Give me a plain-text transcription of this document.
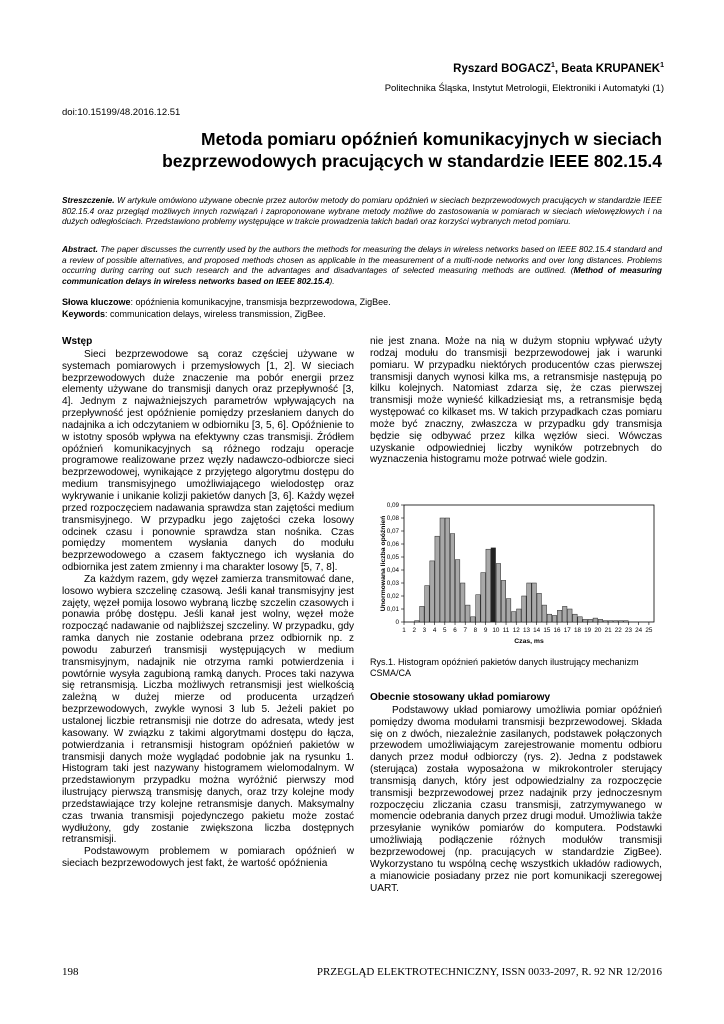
Ryszard BOGACZ$^1$, Beata KRUPANEK$^1$
Politechnika Śląska, Instytut Metrologii, Elektroniki i Automatyki (1)
doi:10.15199/48.2016.12.51
Metoda pomiaru opóźnień komunikacyjnych w sieciach
bezprzewodowych pracujących w standardzie IEEE 802.15.4
Streszczenie. W artykule omówiono używane obecnie przez autorów metody do pomiaru opóźnień w sieciach bezprzewodowych pracujących w standardzie IEEE 802.15.4 oraz przegląd możliwych innych rozwiązań i zaproponowane wybrane metody możliwe do zastosowania w pomiarach w sieciach wielowęzłowych i na dużych odległościach. Przedstawiono problemy występujące w trakcie prowadzenia takich badań oraz korzyści wybranych metod pomiaru.
Abstract. The paper discusses the currently used by the authors the methods for measuring the delays in wireless networks based on IEEE 802.15.4 standard and a review of possible alternatives, and proposed methods chosen as applicable in the measurement of a multi-node networks and over long distances. Problems occurring during carring out such research and the advantages and disadvantages of selected measuring methods are outlined. (Method of measuring communication delays in wireless networks based on IEEE 802.15.4).
Słowa kluczowe: opóźnienia komunikacyjne, transmisja bezprzewodowa, ZigBee.
Keywords: communication delays, wireless transmission, ZigBee.
Wstęp

Sieci bezprzewodowe są coraz częściej używane w systemach pomiarowych i przemysłowych [1, 2]. W sieciach bezprzewodowych duże znaczenie ma pobór energii przez elementy używane do transmisji danych oraz przepływność [3, 4]. Jednym z najważniejszych parametrów wpływających na przepływność jest opóźnienie pomiędzy przesłaniem danych do nadajnika a ich odczytaniem w odbiorniku [3, 5, 6]. Opóźnienie to w istotny sposób wpływa na efektywny czas transmisji. Źródłem opóźnień komunikacyjnych są różnego rodzaju operacje programowe realizowane przez węzły nadawczo-odbiorcze sieci bezprzewodowej, wynikające z przyjętego algorytmu dostępu do medium transmisyjnego umożliwiającego wielodostęp oraz wykrywanie i unikanie kolizji pakietów danych [3, 6]. Każdy węzeł przed rozpoczęciem nadawania sprawdza stan zajętości medium transmisyjnego. W przypadku jego zajętości czeka losowy odcinek czasu i ponownie sprawdza stan nośnika. Czas pomiędzy momentem wysłania danych do modułu bezprzewodowego a czasem faktycznego ich wysłania do odbiornika jest zatem zmienny i ma charakter losowy [5, 7, 8].

Za każdym razem, gdy węzeł zamierza transmitować dane, losowo wybiera szczelinę czasową. Jeśli kanał transmisyjny jest zajęty, węzeł pomija losowo wybraną liczbę szczelin czasowych i ponawia próbę dostępu. Jeśli kanał jest wolny, węzeł może rozpocząć nadawanie od najbliższej szczeliny. W przypadku, gdy ramka danych nie zostanie odebrana przez odbiornik np. z powodu zaburzeń transmisji występujących w medium transmisyjnym, nadajnik nie otrzyma ramki potwierdzenia i powtórnie wysyła zagubioną ramką danych. Proces taki nazywa się retransmisją. Liczba możliwych retransmisji jest wielkością zależną w dużej mierze od producenta urządzeń bezprzewodowych, zwykle wynosi 3 lub 5. Jeżeli pakiet po ustalonej liczbie retransmisji nie dotrze do adresata, wtedy jest kasowany. W związku z takimi algorytmami dostępu do łącza, potwierdzania i retransmisji histogram opóźnień pakietów w transmisji danych może wyglądać podobnie jak na rysunku 1. Histogram taki jest nazywany histogramem wielomodalnym. W przedstawionym przypadku można wyróżnić pierwszy mod ilustrujący pierwszą transmisję danych, oraz trzy kolejne mody przedstawiające trzy kolejne retransmisje danych. Maksymalny czas trwania transmisji pojedynczego pakietu może zostać wydłużony, gdy zostanie zwiększona liczba dostępnych retransmisji.

Podstawowym problemem w pomiarach opóźnień w sieciach bezprzewodowych jest fakt, że wartość opóźnienia

nie jest znana. Może na nią w dużym stopniu wpływać użyty rodzaj modułu do transmisji bezprzewodowej jak i warunki pomiaru. W przypadku niektórych producentów czas pierwszej transmisji danych wynosi kilka ms, a retransmisje następują po kilku kolejnych. Natomiast zdarza się, że czas pierwszej transmisji może wynieść kilkadziesiąt ms, a retransmisje będą występować co kilkaset ms. W takich przypadkach czas pomiaru może być znaczny, zwłaszcza w przypadku gdy transmisja będzie się odbywać przez kilka węzłów sieci. Wówczas uzyskanie odpowiedniej liczby wyników potrzebnych do wyznaczenia histogramu może potrwać wiele godzin.

0
0,01
0,02
0,03
0,04
0,05
0,06
0,07
0,08
0,09
1 2 3 4 5 6 7 8 9 10 11 12 13 14 15 16 17 18 19 20 21 22 23 24 25
Czas, ms
Unormowana liczba opóźnień
Rys.1. Histogram opóźnień pakietów danych ilustrujący mechanizm CSMA/CA
Obecnie stosowany układ pomiarowy

Podstawowy układ pomiarowy umożliwia pomiar opóźnień pomiędzy dwoma modułami transmisji bezprzewodowej. Składa się on z dwóch, niezależnie zasilanych, podstawek połączonych przewodem umożliwiającym zarejestrowanie momentu odbioru danych przez moduł odbiorczy (rys. 2). Jedna z podstawek (sterująca) została wyposażona w mikrokontroler sterujący transmisją danych, który jest odpowiedzialny za rozpoczęcie transmisji bezprzewodowej przez nadajnik przy jednoczesnym rozpoczęciu zliczania czasu transmisji, zatrzymywanego w momencie odebrania danych przez drugi moduł. Umożliwia także przesyłanie wyników pomiarów do komputera. Podstawki umożliwiają podłączenie różnych modułów transmisji bezprzewodowej (np. pracujących w standardzie ZigBee). Wykorzystano tu wspólną cechę wszystkich układów radiowych, a mianowicie posiadany przez nie port komunikacji szeregowej UART.

198	PRZEGLĄD ELEKTROTECHNICZNY, ISSN 0033-2097, R. 92 NR 12/2016
